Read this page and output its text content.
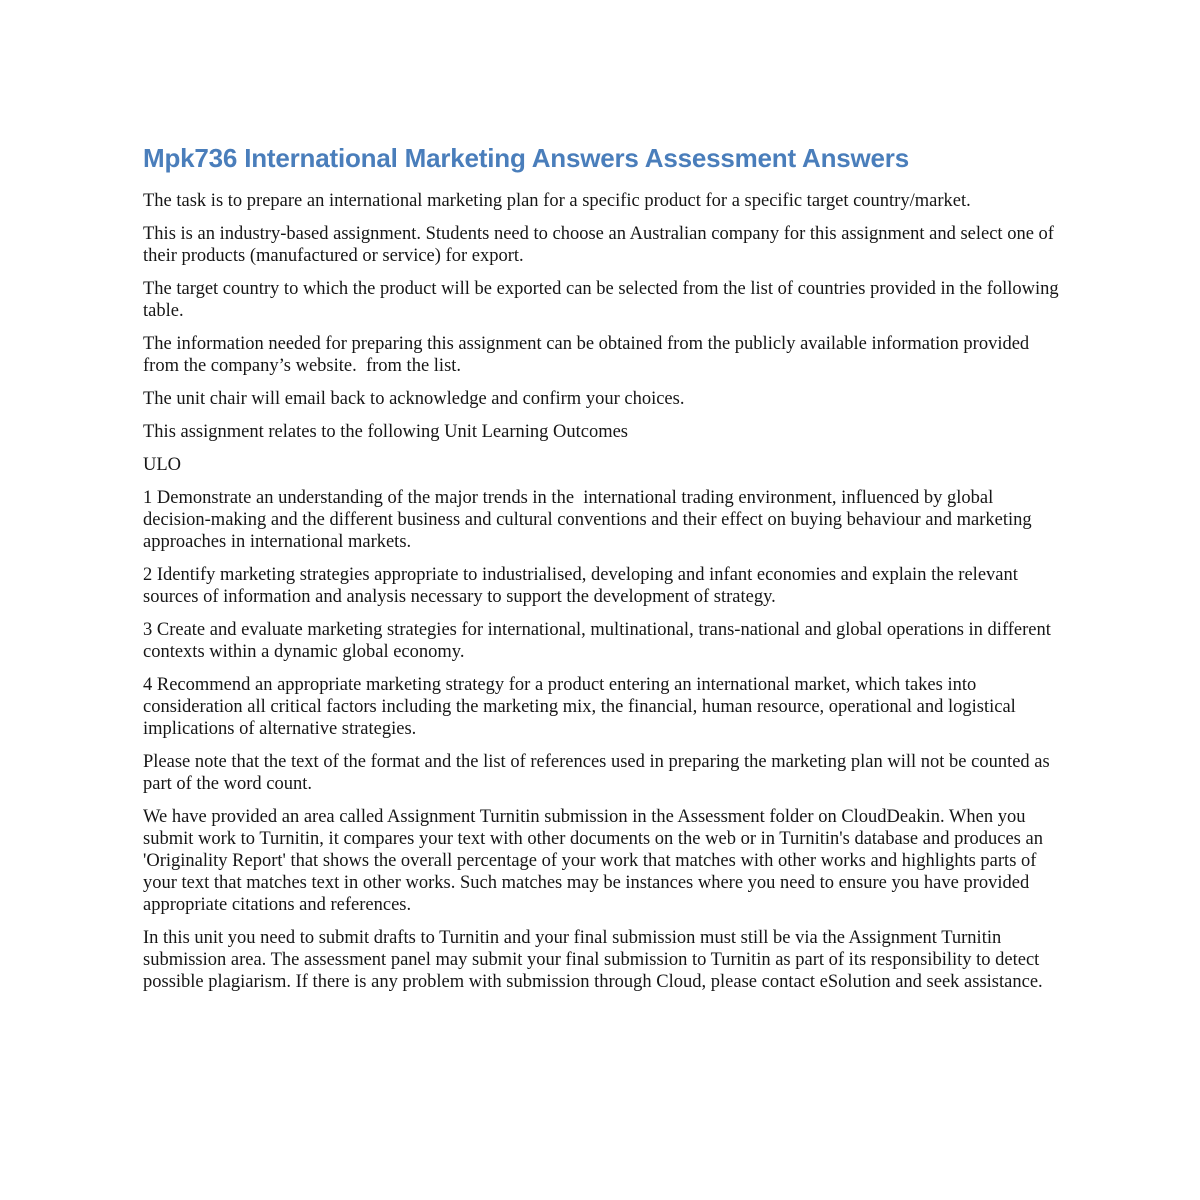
Mpk736 International Marketing Answers Assessment Answers

The task is to prepare an international marketing plan for a specific product for a specific target country/market.

This is an industry-based assignment. Students need to choose an Australian company for this assignment and select one of their products (manufactured or service) for export.

The target country to which the product will be exported can be selected from the list of countries provided in the following table.

The information needed for preparing this assignment can be obtained from the publicly available information provided from the company’s website.  from the list.

The unit chair will email back to acknowledge and confirm your choices.

This assignment relates to the following Unit Learning Outcomes

ULO

1 Demonstrate an understanding of the major trends in the  international trading environment, influenced by global decision-making and the different business and cultural conventions and their effect on buying behaviour and marketing approaches in international markets.

2 Identify marketing strategies appropriate to industrialised, developing and infant economies and explain the relevant sources of information and analysis necessary to support the development of strategy.

3 Create and evaluate marketing strategies for international, multinational, trans-national and global operations in different contexts within a dynamic global economy.

4 Recommend an appropriate marketing strategy for a product entering an international market, which takes into consideration all critical factors including the marketing mix, the financial, human resource, operational and logistical implications of alternative strategies.

Please note that the text of the format and the list of references used in preparing the marketing plan will not be counted as part of the word count.

We have provided an area called Assignment Turnitin submission in the Assessment folder on CloudDeakin. When you submit work to Turnitin, it compares your text with other documents on the web or in Turnitin's database and produces an 'Originality Report' that shows the overall percentage of your work that matches with other works and highlights parts of your text that matches text in other works. Such matches may be instances where you need to ensure you have provided appropriate citations and references.

In this unit you need to submit drafts to Turnitin and your final submission must still be via the Assignment Turnitin submission area. The assessment panel may submit your final submission to Turnitin as part of its responsibility to detect possible plagiarism. If there is any problem with submission through Cloud, please contact eSolution and seek assistance.
